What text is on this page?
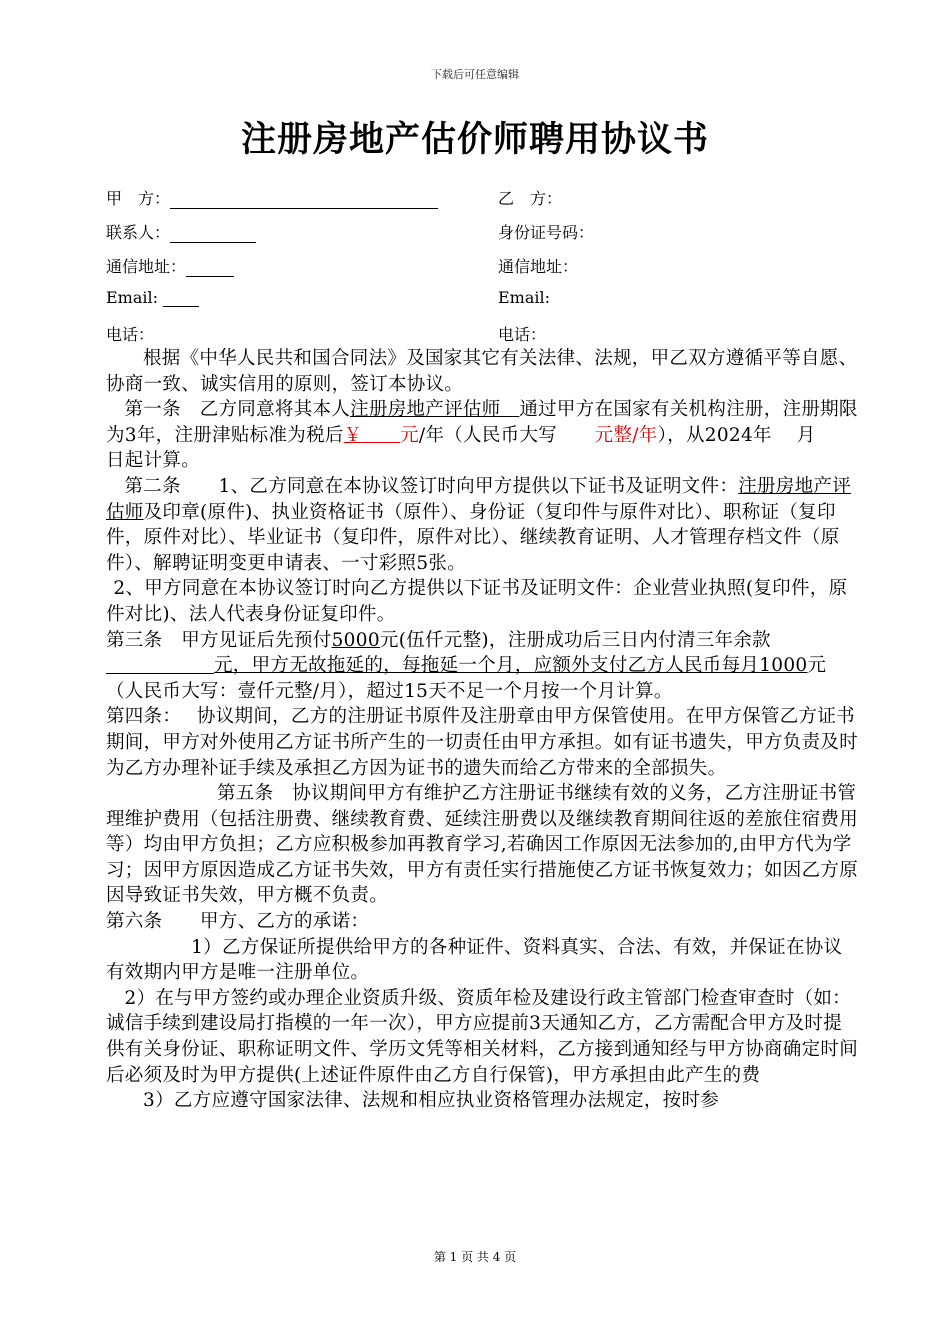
下载后可任意编辑
注册房地产估价师聘用协议书
甲　方：	乙　方：
联系人：	身份证号码：
通信地址：	通信地址：
Email:	Email:
电话：	电话：

根据《中华人民共和国合同法》及国家其它有关法律、法规，甲乙双方遵循平等自愿、协商一致、诚实信用的原则，签订本协议。

第一条　乙方同意将其本人注册房地产评估师　 通过甲方在国家有关机构注册，注册期限为3年，注册津贴标准为税后￥　　 元/年（人民币大写　　 元整/年），从2024年　 月　 日起计算。

第二条　　1、乙方同意在本协议签订时向甲方提供以下证书及证明文件：注册房地产评估师及印章(原件)、执业资格证书（原件）、身份证（复印件与原件对比）、职称证（复印件，原件对比）、毕业证书（复印件，原件对比）、继续教育证明、人才管理存档文件（原件）、解聘证明变更申请表、一寸彩照5张。

2、甲方同意在本协议签订时向乙方提供以下证书及证明文件：企业营业执照(复印件，原件对比)、法人代表身份证复印件。

第三条　甲方见证后先预付5000元(伍仟元整)，注册成功后三日内付清三年余款元，甲方无故拖延的，每拖延一个月，应额外支付乙方人民币每月1000元（人民币大写：壹仟元整/月），超过15天不足一个月按一个月计算。

第四条：　 协议期间，乙方的注册证书原件及注册章由甲方保管使用。在甲方保管乙方证书期间，甲方对外使用乙方证书所产生的一切责任由甲方承担。如有证书遗失，甲方负责及时为乙方办理补证手续及承担乙方因为证书的遗失而给乙方带来的全部损失。

第五条　协议期间甲方有维护乙方注册证书继续有效的义务，乙方注册证书管理维护费用（包括注册费、继续教育费、延续注册费以及继续教育期间往返的差旅住宿费用等）均由甲方负担；乙方应积极参加再教育学习,若确因工作原因无法参加的,由甲方代为学习；因甲方原因造成乙方证书失效，甲方有责任实行措施使乙方证书恢复效力；如因乙方原因导致证书失效，甲方概不负责。

第六条　　甲方、乙方的承诺：

1）乙方保证所提供给甲方的各种证件、资料真实、合法、有效，并保证在协议有效期内甲方是唯一注册单位。

2）在与甲方签约或办理企业资质升级、资质年检及建设行政主管部门检查审查时（如：诚信手续到建设局打指模的一年一次），甲方应提前3天通知乙方，乙方需配合甲方及时提供有关身份证、职称证明文件、学历文凭等相关材料，乙方接到通知经与甲方协商确定时间后必须及时为甲方提供(上述证件原件由乙方自行保管)，甲方承担由此产生的费

3）乙方应遵守国家法律、法规和相应执业资格管理办法规定，按时参

第 1 页 共 4 页
